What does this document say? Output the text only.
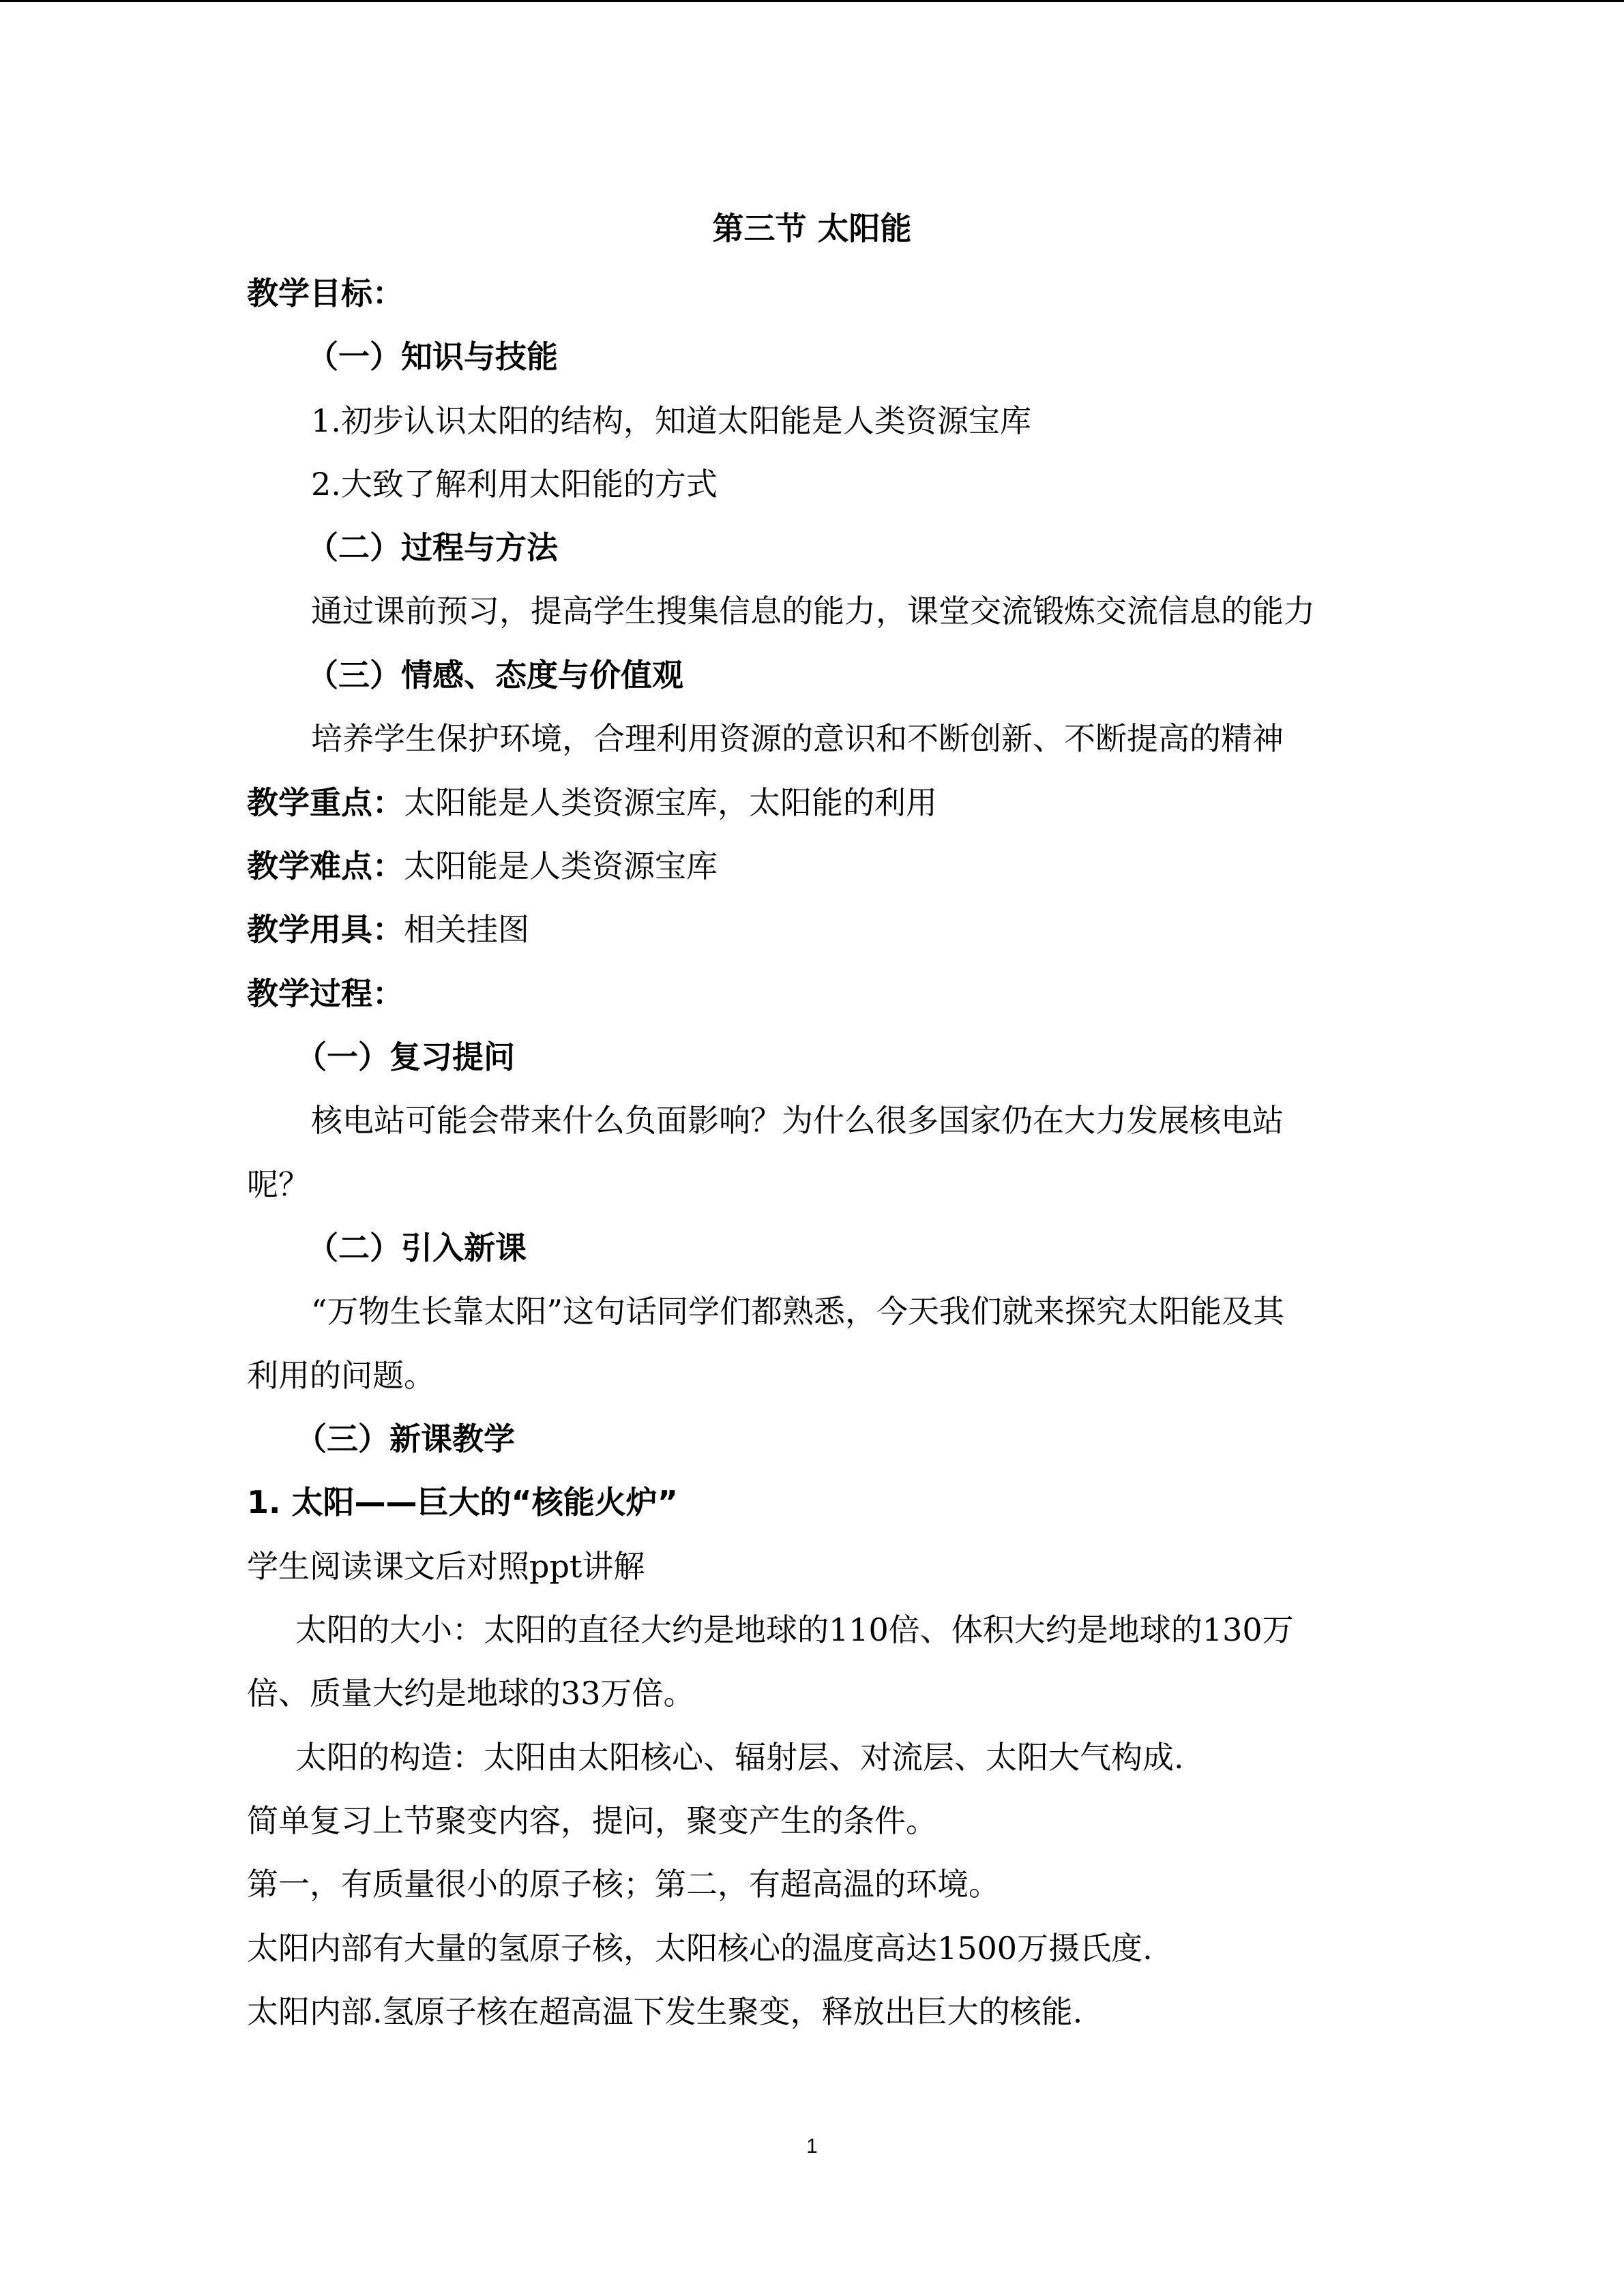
第三节 太阳能
教学目标：
（一）知识与技能
1.初步认识太阳的结构，知道太阳能是人类资源宝库
2.大致了解利用太阳能的方式
（二）过程与方法
通过课前预习，提高学生搜集信息的能力，课堂交流锻炼交流信息的能力
（三）情感、态度与价值观
培养学生保护环境，合理利用资源的意识和不断创新、不断提高的精神
教学重点：太阳能是人类资源宝库，太阳能的利用
教学难点：太阳能是人类资源宝库
教学用具：相关挂图
教学过程：
（一）复习提问
核电站可能会带来什么负面影响？为什么很多国家仍在大力发展核电站
呢？
（二）引入新课
“万物生长靠太阳”这句话同学们都熟悉，今天我们就来探究太阳能及其
利用的问题。
（三）新课教学
1. 太阳——巨大的“核能火炉”
学生阅读课文后对照ppt讲解
太阳的大小：太阳的直径大约是地球的110倍、体积大约是地球的130万
倍、质量大约是地球的33万倍。
太阳的构造：太阳由太阳核心、辐射层、对流层、太阳大气构成.
简单复习上节聚变内容，提问，聚变产生的条件。
第一，有质量很小的原子核；第二，有超高温的环境。
太阳内部有大量的氢原子核，太阳核心的温度高达1500万摄氏度.
太阳内部.氢原子核在超高温下发生聚变，释放出巨大的核能.
1
